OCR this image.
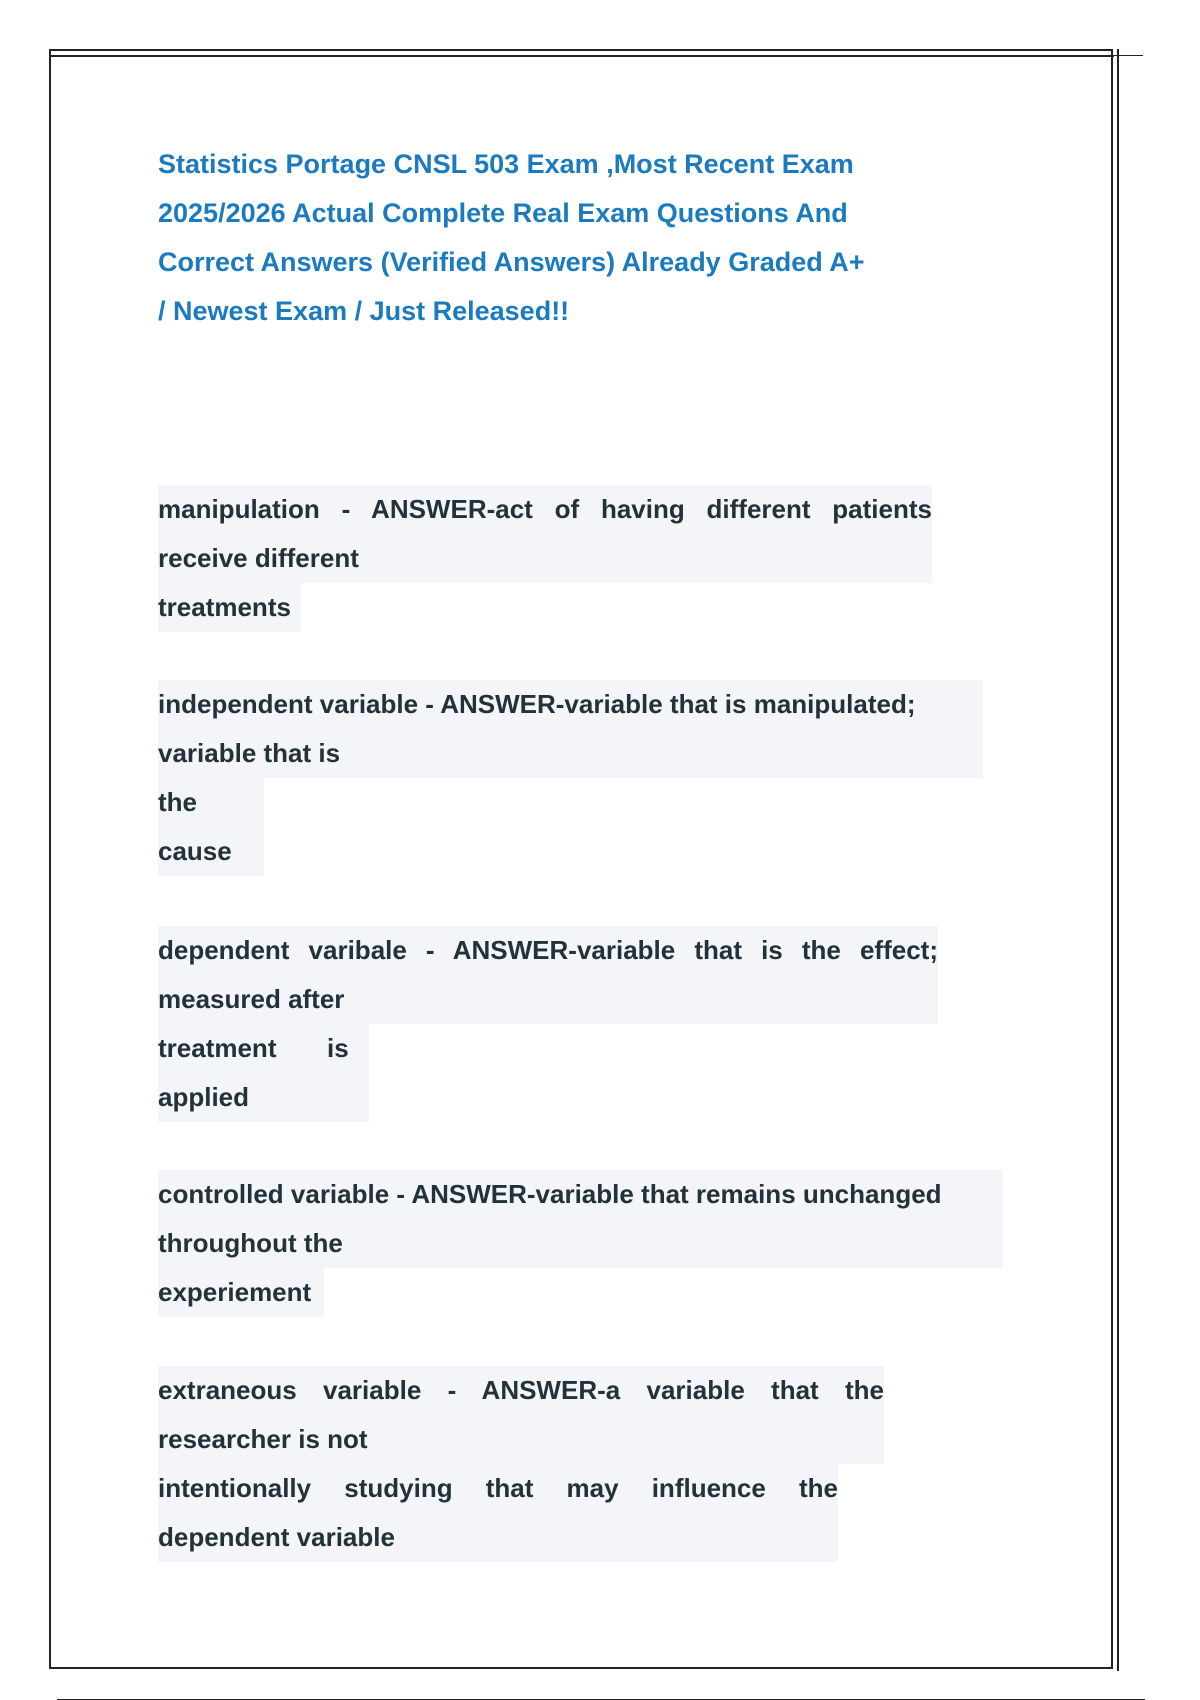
Statistics Portage CNSL 503 Exam ,Most Recent Exam
2025/2026 Actual Complete Real Exam Questions And
Correct Answers (Verified Answers) Already Graded A+
/ Newest Exam / Just Released!!
manipulation - ANSWER-act of having different patients
receive different
treatments
independent variable - ANSWER-variable that is manipulated;
variable that is
the
cause
dependent varibale - ANSWER-variable that is the effect;
measured after
treatment       is
applied
controlled variable - ANSWER-variable that remains unchanged
throughout the
experiement
extraneous variable - ANSWER-a variable that the
researcher is not
intentionally studying that may influence the
dependent variable
